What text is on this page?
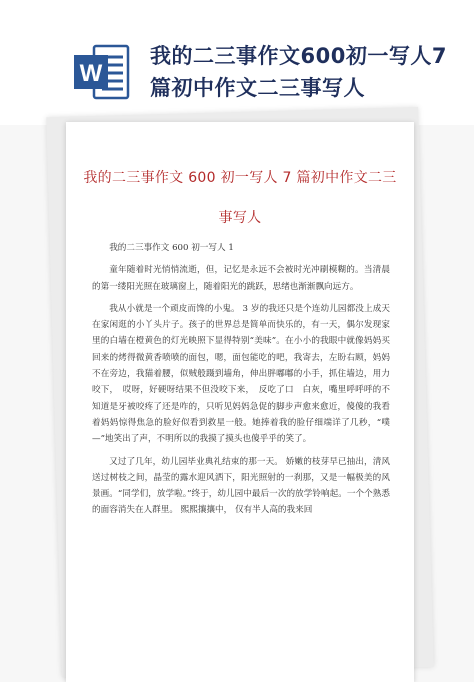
W
我的二三事作文600初一写人7篇初中作文二三事写人
我的二三事作文 600 初一写人 7 篇初中作文二三事写人

我的二三事作文 600 初一写人 1

童年随着时光悄悄流逝，但，记忆是永远不会被时光冲刷模糊的。当清晨的第一缕阳光照在玻璃窗上，随着阳光的跳跃，思绪也渐渐飘向远方。

我从小就是一个顽皮而馋的小鬼。 3 岁的我还只是个连幼儿园都没上成天在家闲逛的小丫头片子。孩子的世界总是简单而快乐的，有一天，偶尔发现家里的白墙在橙黄色的灯光映照下显得特别“美味”。在小小的我眼中就像妈妈买回来的烤得微黄香喷喷的面包，嗯，面包能吃的吧，我寄去，左盼右顾，妈妈不在旁边，我猫着腰，似贼般蹑到墙角，伸出胖嘟嘟的小手，抓住墙边，用力咬下，　哎呀，好硬呀结果不但没咬下来，　反吃了口　白灰，嘴里呼呼呼的不知道是牙被咬疼了还是咋的，只听见妈妈急促的脚步声愈来愈近，傻傻的我看着妈妈惊得焦急的脸好似看到救星一般。她捧着我的脸仔细端详了几秒，“噗—”地笑出了声，不明所以的我摸了摸头也傻乎乎的笑了。

又过了几年，幼儿园毕业典礼结束的那一天。 娇嫩的枝芽早已抽出，清风送过树枝之间，晶莹的露水迎风洒下，阳光照射的一刹那，又是一幅极美的风景画。“同学们，放学啦。”终于，幼儿园中最后一次的放学铃响起。一个个熟悉的面容消失在人群里。 熙熙攘攘中， 仅有半人高的我来回
